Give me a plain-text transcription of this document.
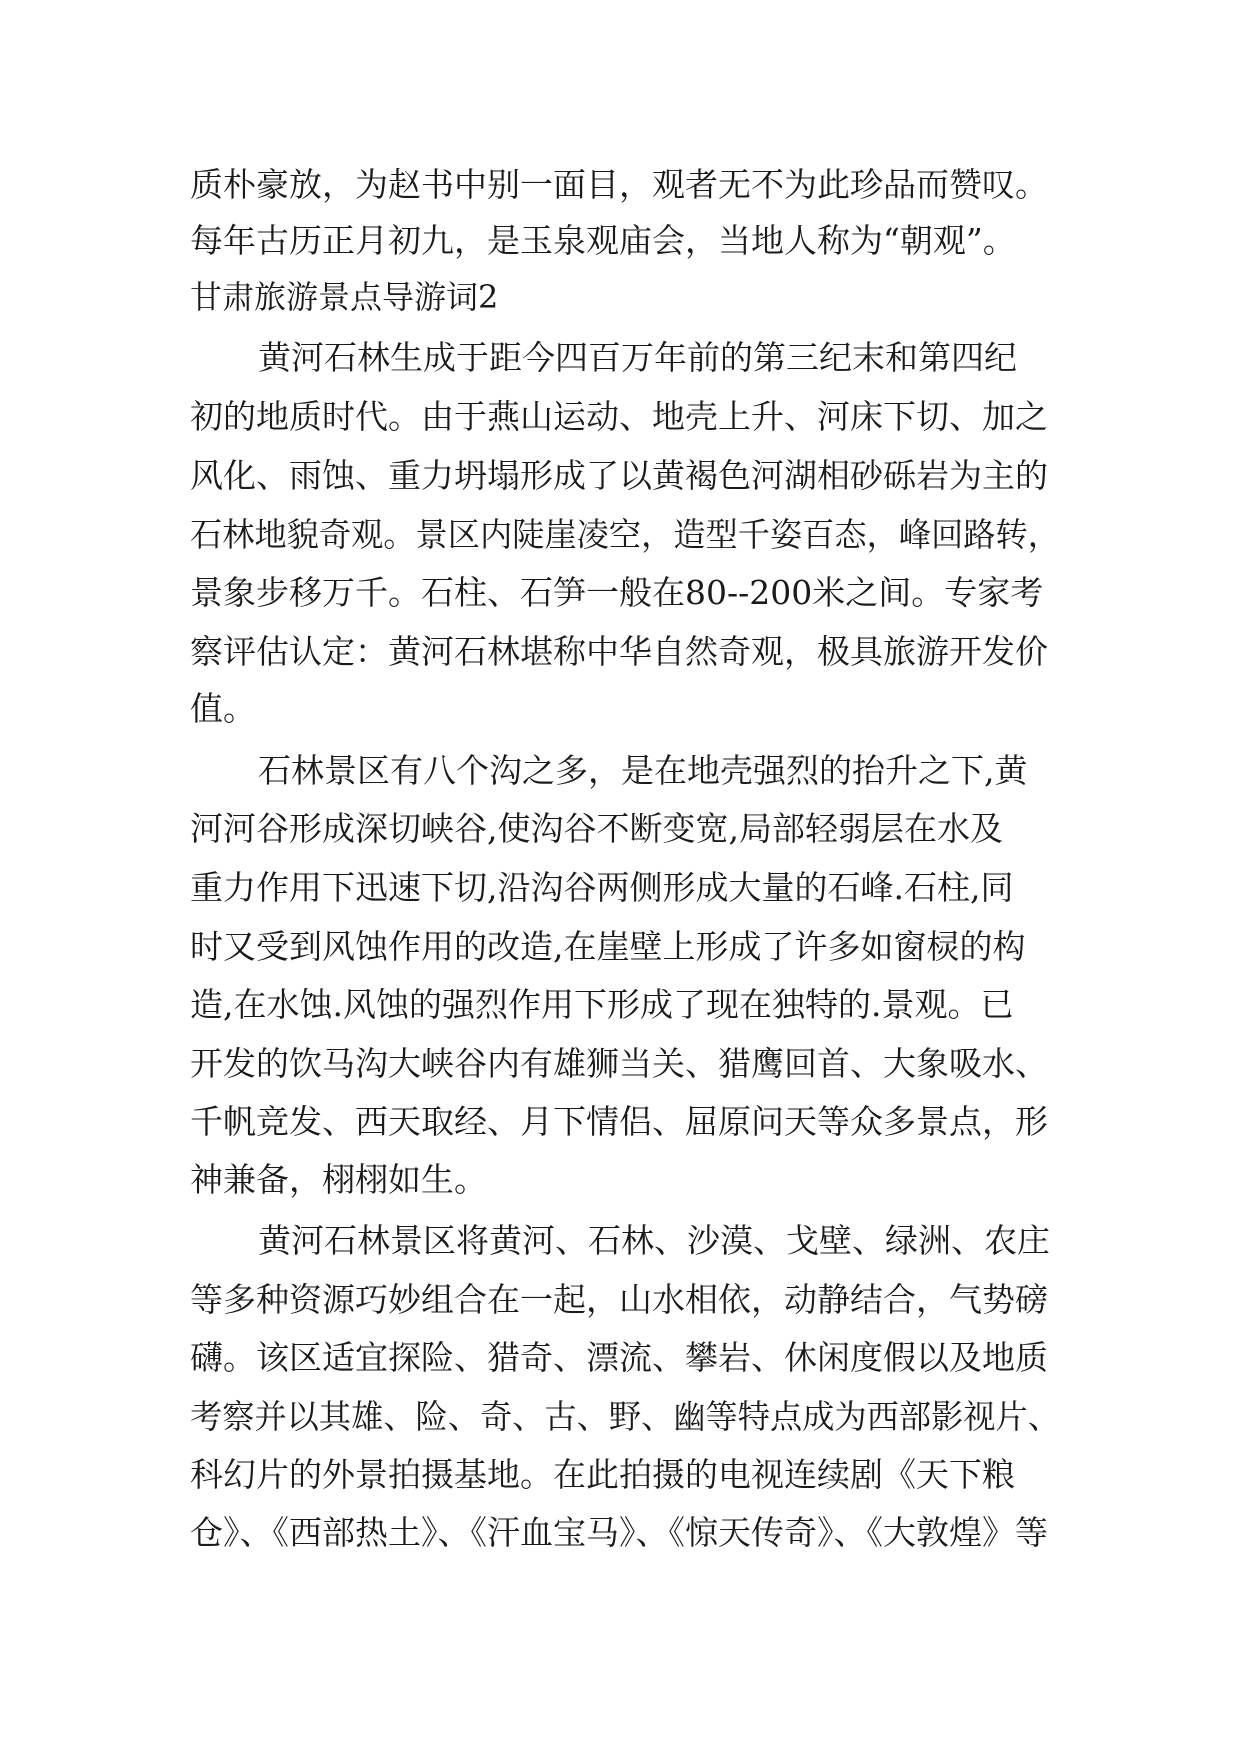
质朴豪放，为赵书中别一面目，观者无不为此珍品而赞叹。
每年古历正月初九，是玉泉观庙会，当地人称为“朝观”。
甘肃旅游景点导游词2
黄河石林生成于距今四百万年前的第三纪末和第四纪
初的地质时代。由于燕山运动、地壳上升、河床下切、加之
风化、雨蚀、重力坍塌形成了以黄褐色河湖相砂砾岩为主的
石林地貌奇观。景区内陡崖凌空，造型千姿百态，峰回路转，
景象步移万千。石柱、石笋一般在80--200米之间。专家考
察评估认定：黄河石林堪称中华自然奇观，极具旅游开发价
值。
石林景区有八个沟之多，是在地壳强烈的抬升之下,黄
河河谷形成深切峡谷,使沟谷不断变宽,局部轻弱层在水及
重力作用下迅速下切,沿沟谷两侧形成大量的石峰.石柱,同
时又受到风蚀作用的改造,在崖壁上形成了许多如窗棂的构
造,在水蚀.风蚀的强烈作用下形成了现在独特的.景观。已
开发的饮马沟大峡谷内有雄狮当关、猎鹰回首、大象吸水、
千帆竞发、西天取经、月下情侣、屈原问天等众多景点，形
神兼备，栩栩如生。
黄河石林景区将黄河、石林、沙漠、戈壁、绿洲、农庄
等多种资源巧妙组合在一起，山水相依，动静结合，气势磅
礴。该区适宜探险、猎奇、漂流、攀岩、休闲度假以及地质
考察并以其雄、险、奇、古、野、幽等特点成为西部影视片、
科幻片的外景拍摄基地。在此拍摄的电视连续剧《天下粮
仓》、《西部热土》、《汗血宝马》、《惊天传奇》、《大敦煌》等
